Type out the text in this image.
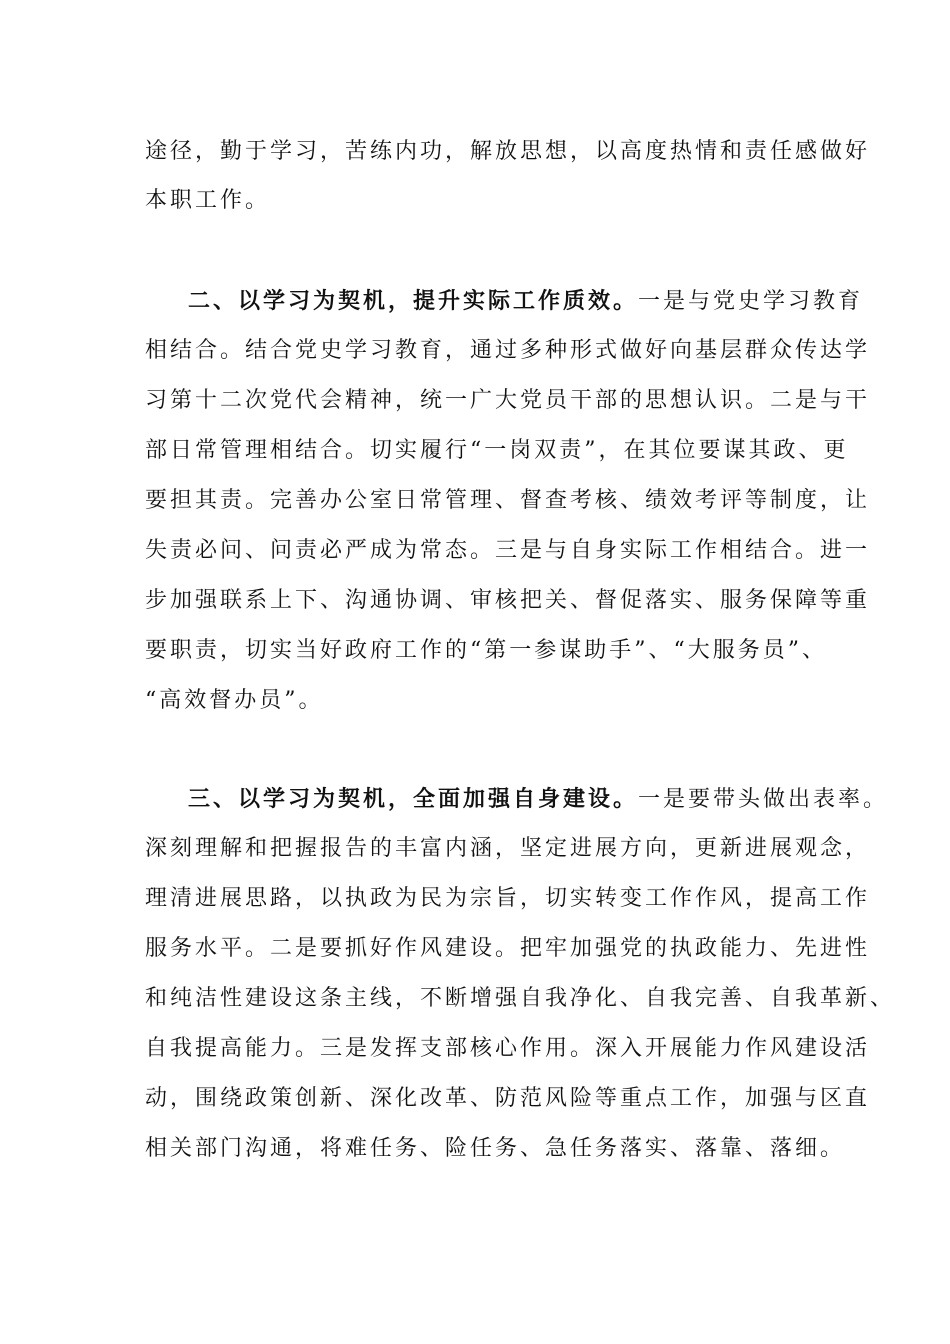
途径，勤于学习，苦练内功，解放思想，以高度热情和责任感做好
本职工作。
二、以学习为契机，提升实际工作质效。一是与党史学习教育
相结合。结合党史学习教育，通过多种形式做好向基层群众传达学
习第十二次党代会精神，统一广大党员干部的思想认识。二是与干
部日常管理相结合。切实履行“一岗双责”，在其位要谋其政、更
要担其责。完善办公室日常管理、督查考核、绩效考评等制度，让
失责必问、问责必严成为常态。三是与自身实际工作相结合。进一
步加强联系上下、沟通协调、审核把关、督促落实、服务保障等重
要职责，切实当好政府工作的“第一参谋助手”、“大服务员”、
“高效督办员”。
三、以学习为契机，全面加强自身建设。一是要带头做出表率。
深刻理解和把握报告的丰富内涵，坚定进展方向，更新进展观念，
理清进展思路，以执政为民为宗旨，切实转变工作作风，提高工作
服务水平。二是要抓好作风建设。把牢加强党的执政能力、先进性
和纯洁性建设这条主线，不断增强自我净化、自我完善、自我革新、
自我提高能力。三是发挥支部核心作用。深入开展能力作风建设活
动，围绕政策创新、深化改革、防范风险等重点工作，加强与区直
相关部门沟通，将难任务、险任务、急任务落实、落靠、落细。
